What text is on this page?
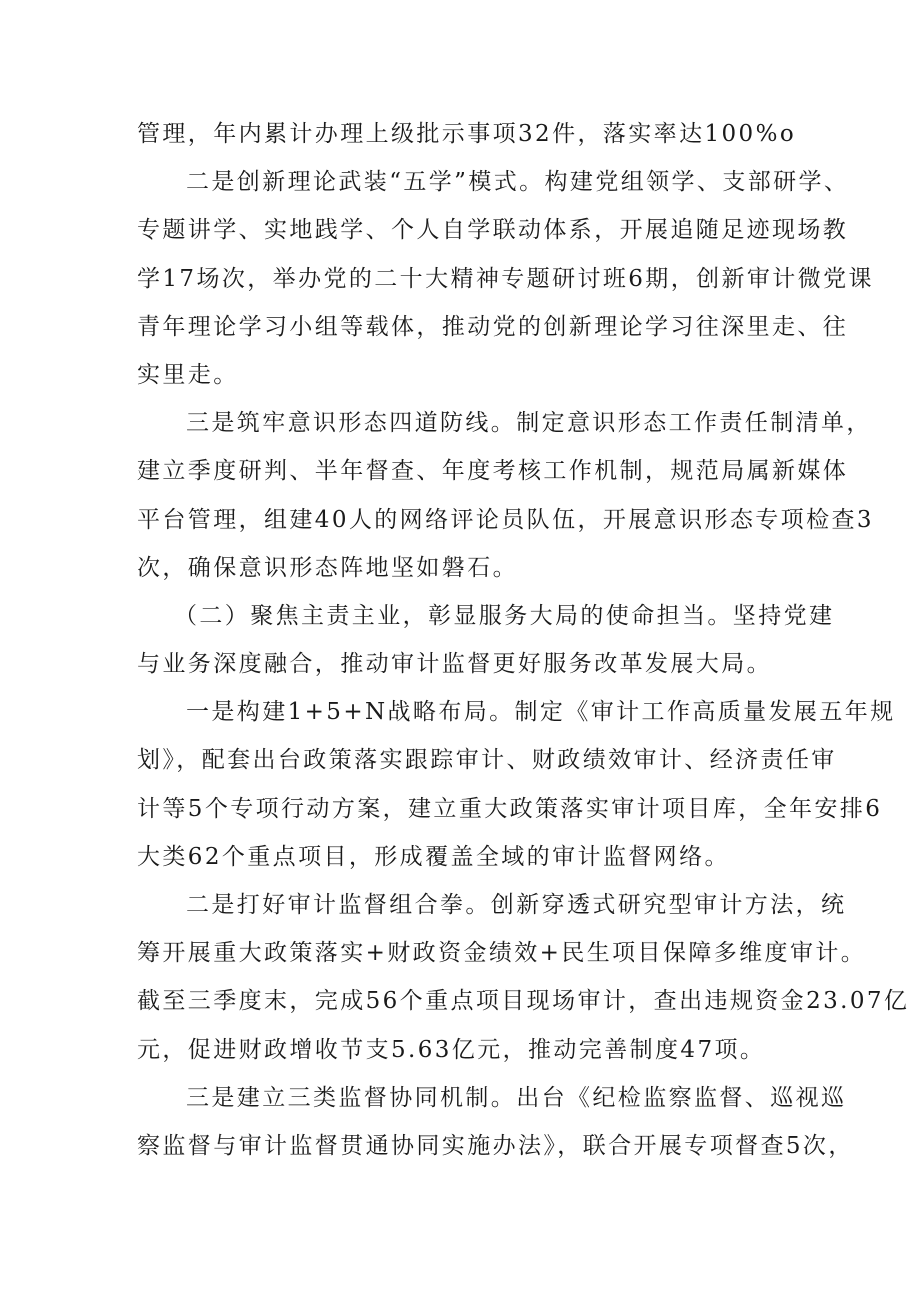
管理，年内累计办理上级批示事项32件，落实率达100%o
二是创新理论武装“五学”模式。构建党组领学、支部研学、
专题讲学、实地践学、个人自学联动体系，开展追随足迹现场教
学17场次，举办党的二十大精神专题研讨班6期，创新审计微党课
青年理论学习小组等载体，推动党的创新理论学习往深里走、往
实里走。
三是筑牢意识形态四道防线。制定意识形态工作责任制清单，
建立季度研判、半年督查、年度考核工作机制，规范局属新媒体
平台管理，组建40人的网络评论员队伍，开展意识形态专项检查3
次，确保意识形态阵地坚如磐石。
（二）聚焦主责主业，彰显服务大局的使命担当。坚持党建
与业务深度融合，推动审计监督更好服务改革发展大局。
一是构建1+5+N战略布局。制定《审计工作高质量发展五年规
划》，配套出台政策落实跟踪审计、财政绩效审计、经济责任审
计等5个专项行动方案，建立重大政策落实审计项目库，全年安排6
大类62个重点项目，形成覆盖全域的审计监督网络。
二是打好审计监督组合拳。创新穿透式研究型审计方法，统
筹开展重大政策落实+财政资金绩效+民生项目保障多维度审计。
截至三季度末，完成56个重点项目现场审计，查出违规资金23.07亿
元，促进财政增收节支5.63亿元，推动完善制度47项。
三是建立三类监督协同机制。出台《纪检监察监督、巡视巡
察监督与审计监督贯通协同实施办法》，联合开展专项督查5次，
